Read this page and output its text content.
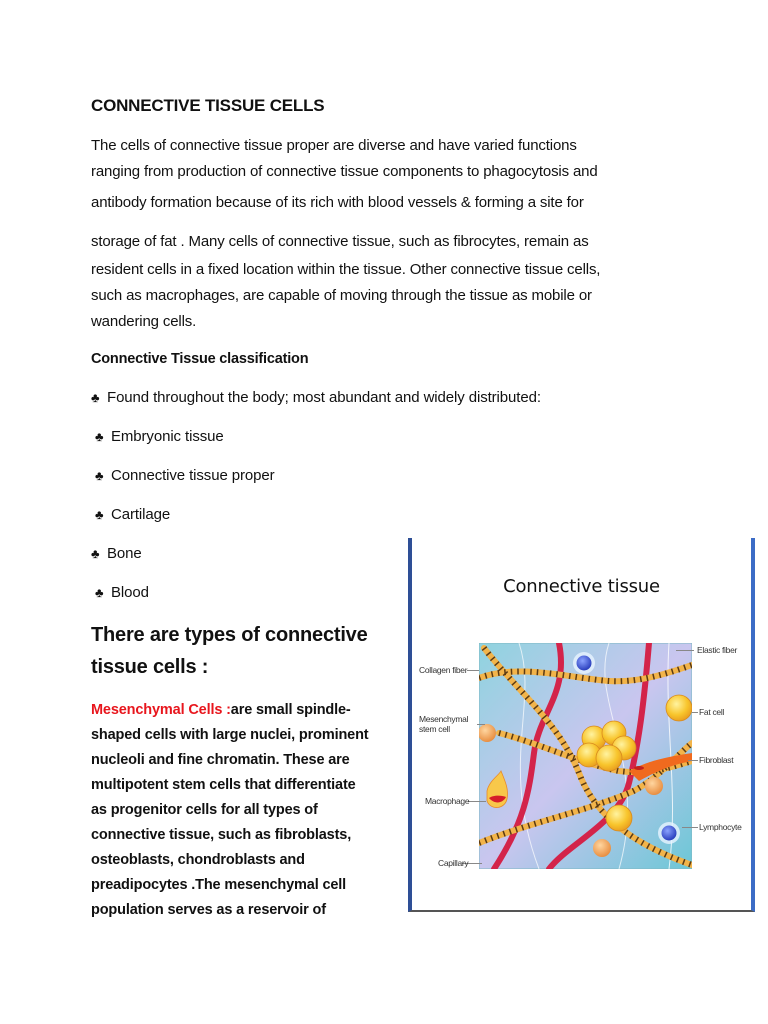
CONNECTIVE TISSUE CELLS
The cells of connective tissue proper are diverse and have varied functions
ranging from production of connective tissue components to phagocytosis and
antibody formation because of its rich with blood vessels & forming a site for
storage of fat . Many cells of connective tissue, such as fibrocytes, remain as
resident cells in a fixed location within the tissue. Other connective tissue cells,
such as macrophages, are capable of moving through the tissue as mobile or
wandering cells.
Connective Tissue classification
♣ Found throughout the body; most abundant and widely distributed:
♣ Embryonic tissue
♣ Connective tissue proper
♣ Cartilage
♣ Bone
♣ Blood
There are types of connective
tissue cells :
Mesenchymal Cells :are small spindle-
shaped cells with large nuclei, prominent
nucleoli and fine chromatin. These are
multipotent stem cells that differentiate
as progenitor cells for all types of
connective tissue, such as fibroblasts,
osteoblasts, chondroblasts and
preadipocytes .The mesenchymal cell
population serves as a reservoir of
Connective tissue
Collagen fiber
Mesenchymal stem cell
Macrophage
Capillary
Elastic fiber
Fat cell
Fibroblast
Lymphocyte
